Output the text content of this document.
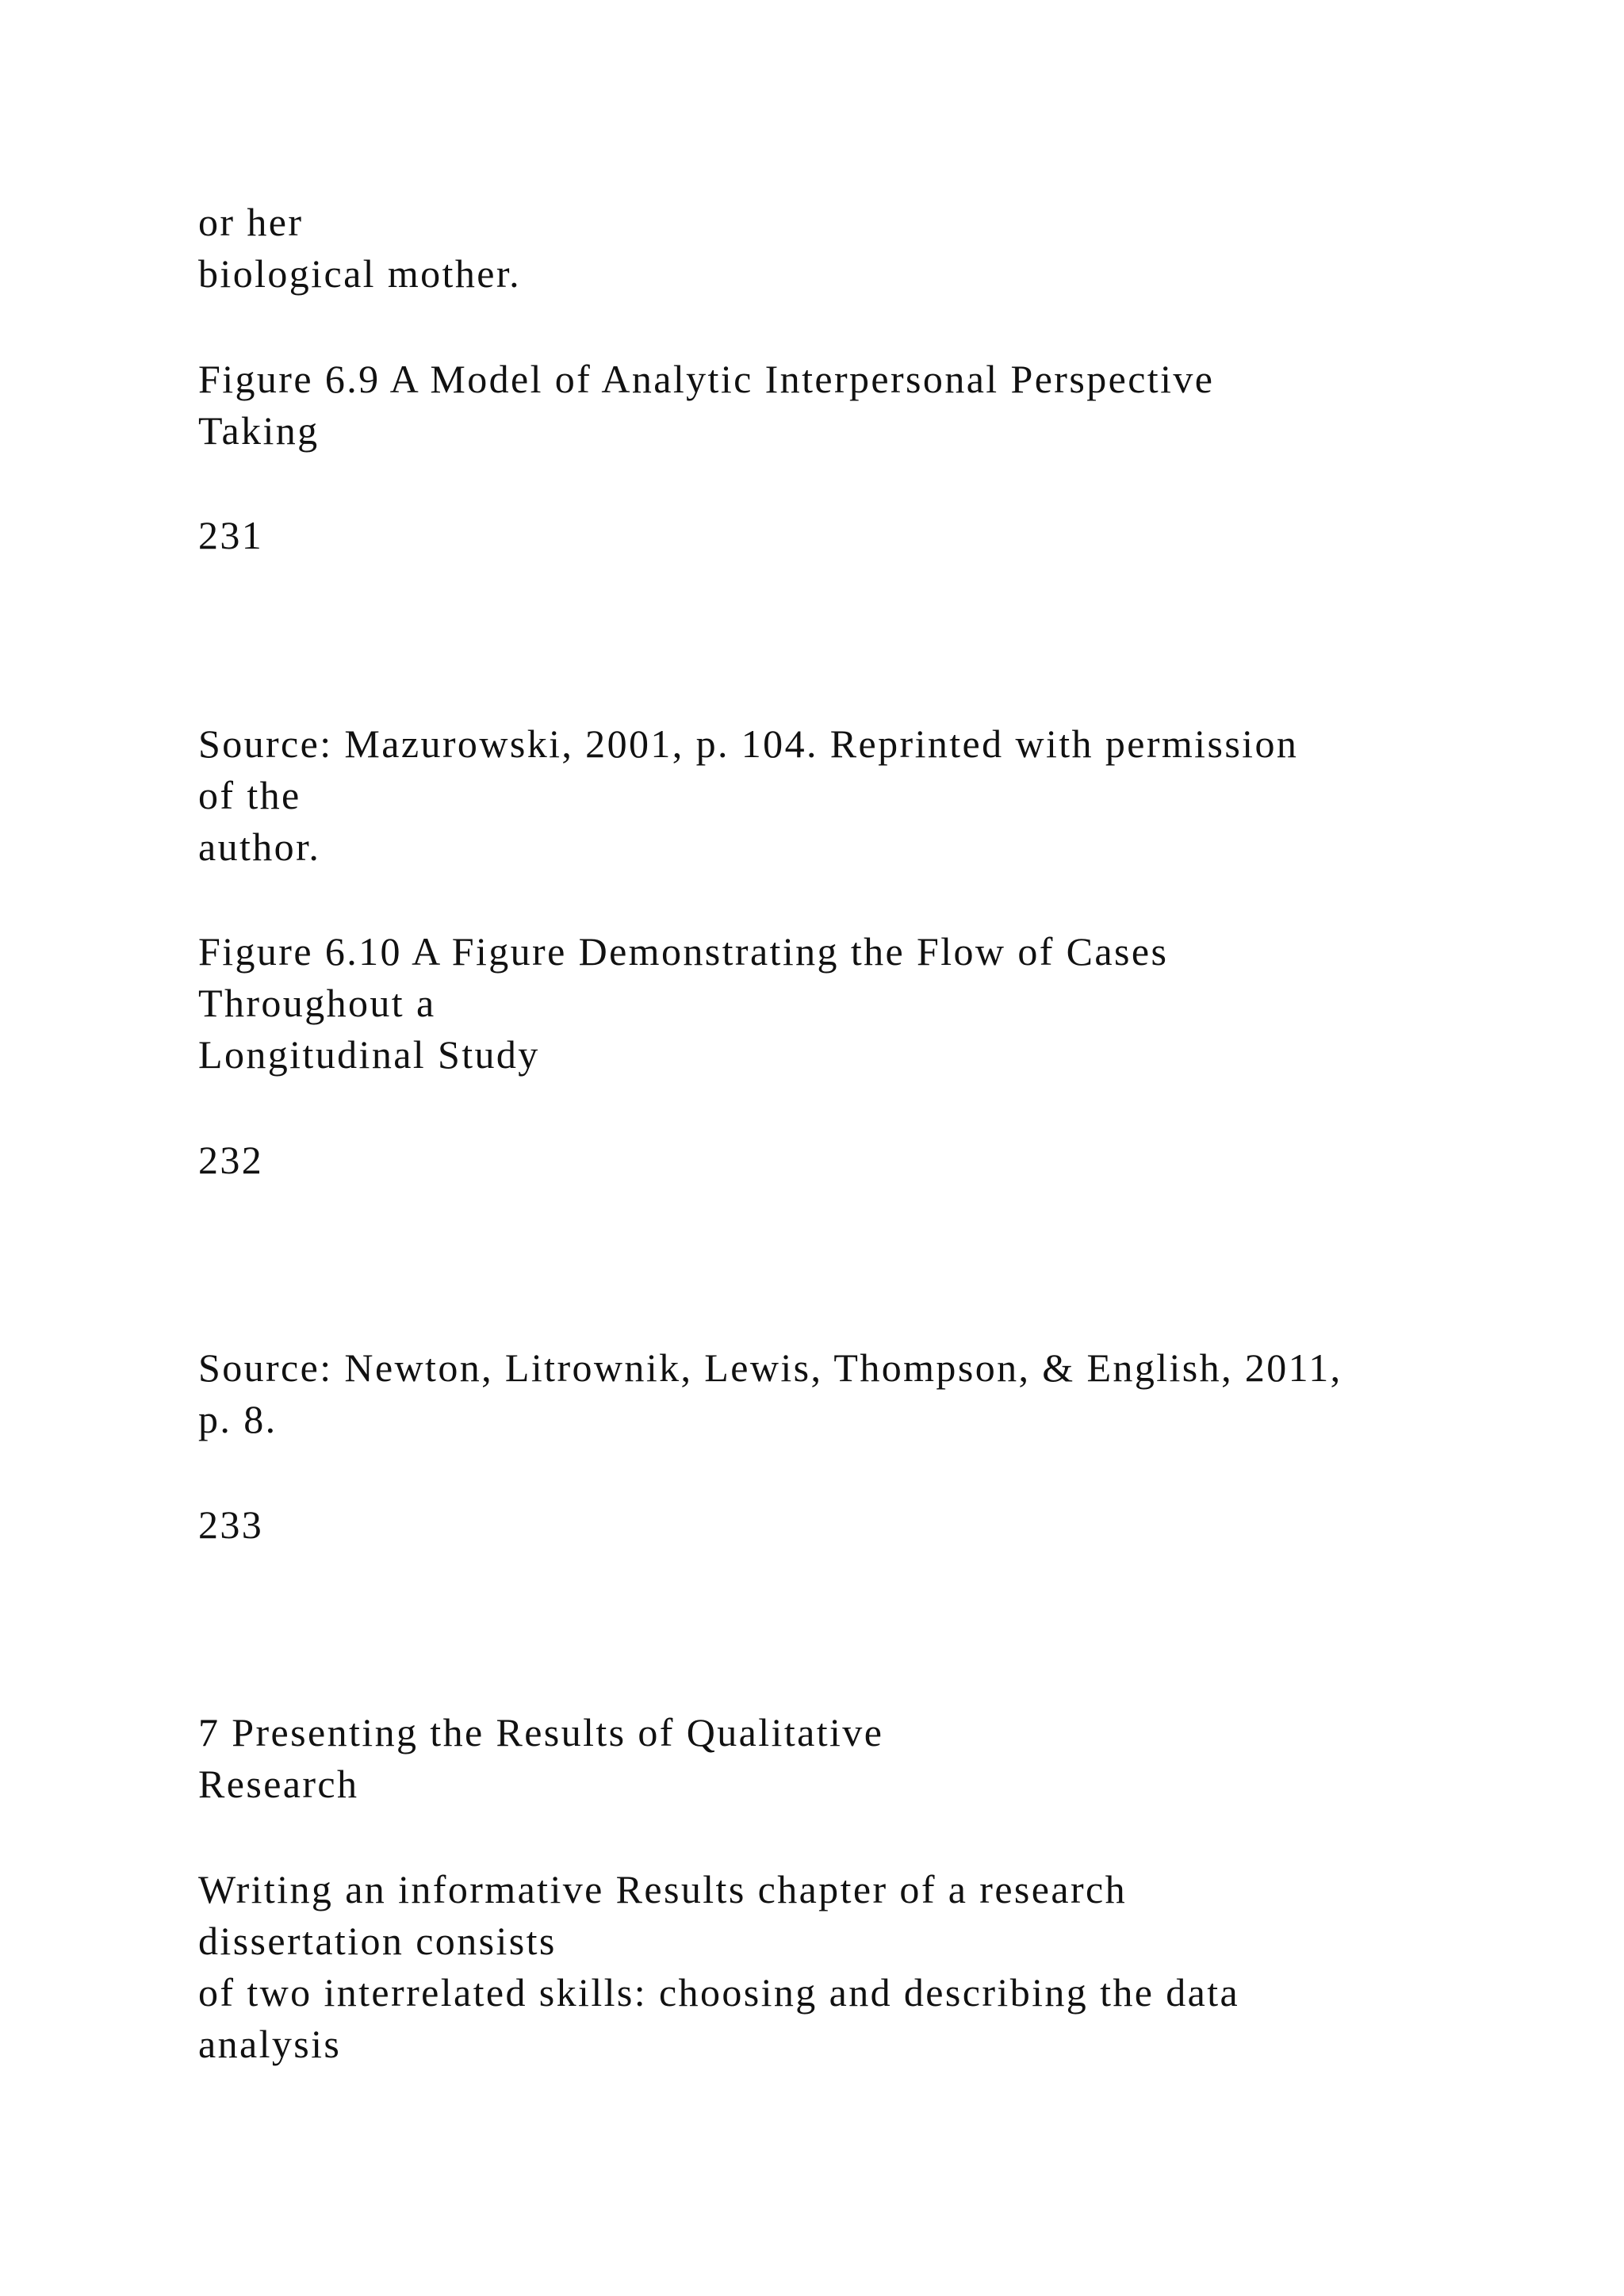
or her

biological mother.

Figure 6.9 A Model of Analytic Interpersonal Perspective

Taking

231

Source: Mazurowski, 2001, p. 104. Reprinted with permission

of the

author.

Figure 6.10 A Figure Demonstrating the Flow of Cases

Throughout a

Longitudinal Study

232

Source: Newton, Litrownik, Lewis, Thompson, & English, 2011,

p. 8.

233

7 Presenting the Results of Qualitative

Research

Writing an informative Results chapter of a research

dissertation consists

of two interrelated skills: choosing and describing the data

analysis
